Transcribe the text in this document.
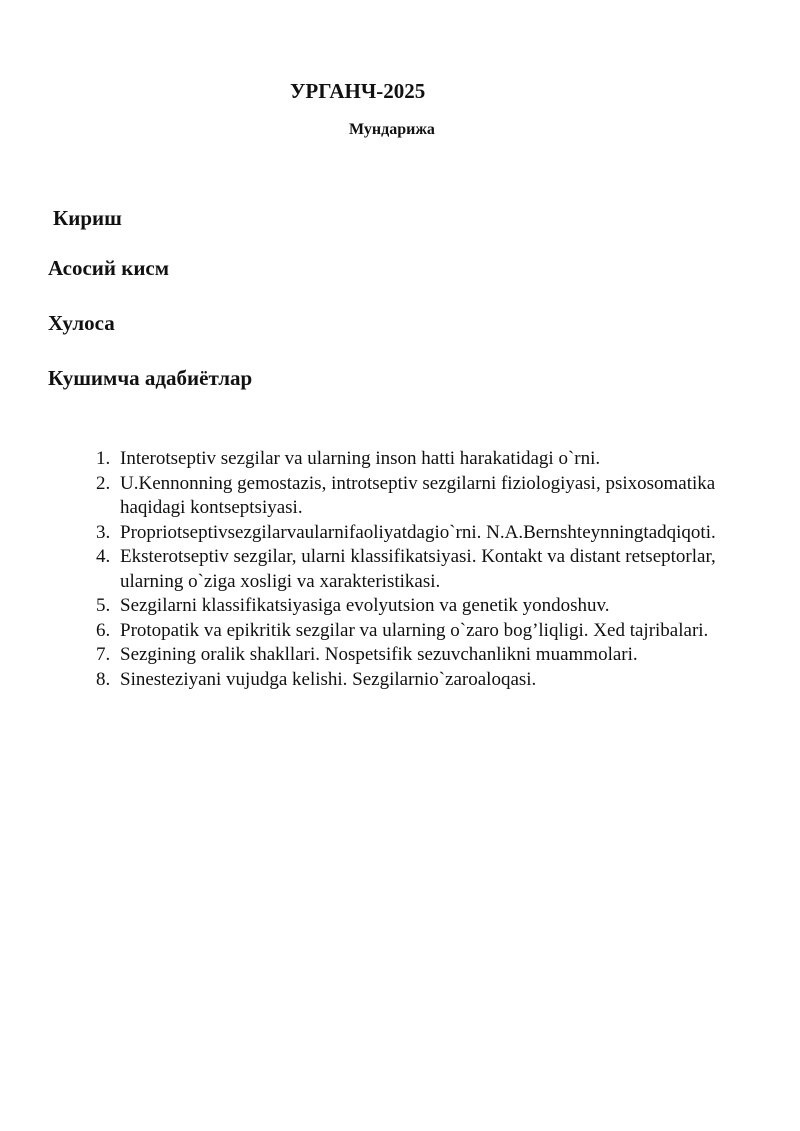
УРГАНЧ-2025
Мундарижа
Кириш
Асосий кисм
Хулоса
Кушимча адабиётлар
1. Interotseptiv sezgilar va ularning inson hatti harakatidagi o`rni.
2. U.Kennonning gemostazis, introtseptiv sezgilarni fiziologiyasi, psixosomatika haqidagi kontseptsiyasi.
3. Propriotseptivsezgilarvaularnifaoliyatdagio`rni. N.A.Bernshteynningtadqiqoti.
4. Eksterotseptiv sezgilar, ularni klassifikatsiyasi. Kontakt va distant retseptorlar, ularning o`ziga xosligi va xarakteristikasi.
5. Sezgilarni klassifikatsiyasiga evolyutsion va genetik yondoshuv.
6. Protopatik va epikritik sezgilar va ularning o`zaro bog’liqligi. Xed tajribalari.
7. Sezgining oralik shakllari. Nospetsifik sezuvchanlikni muammolari.
8. Sinesteziyani vujudga kelishi. Sezgilarnio`zaroaloqasi.
